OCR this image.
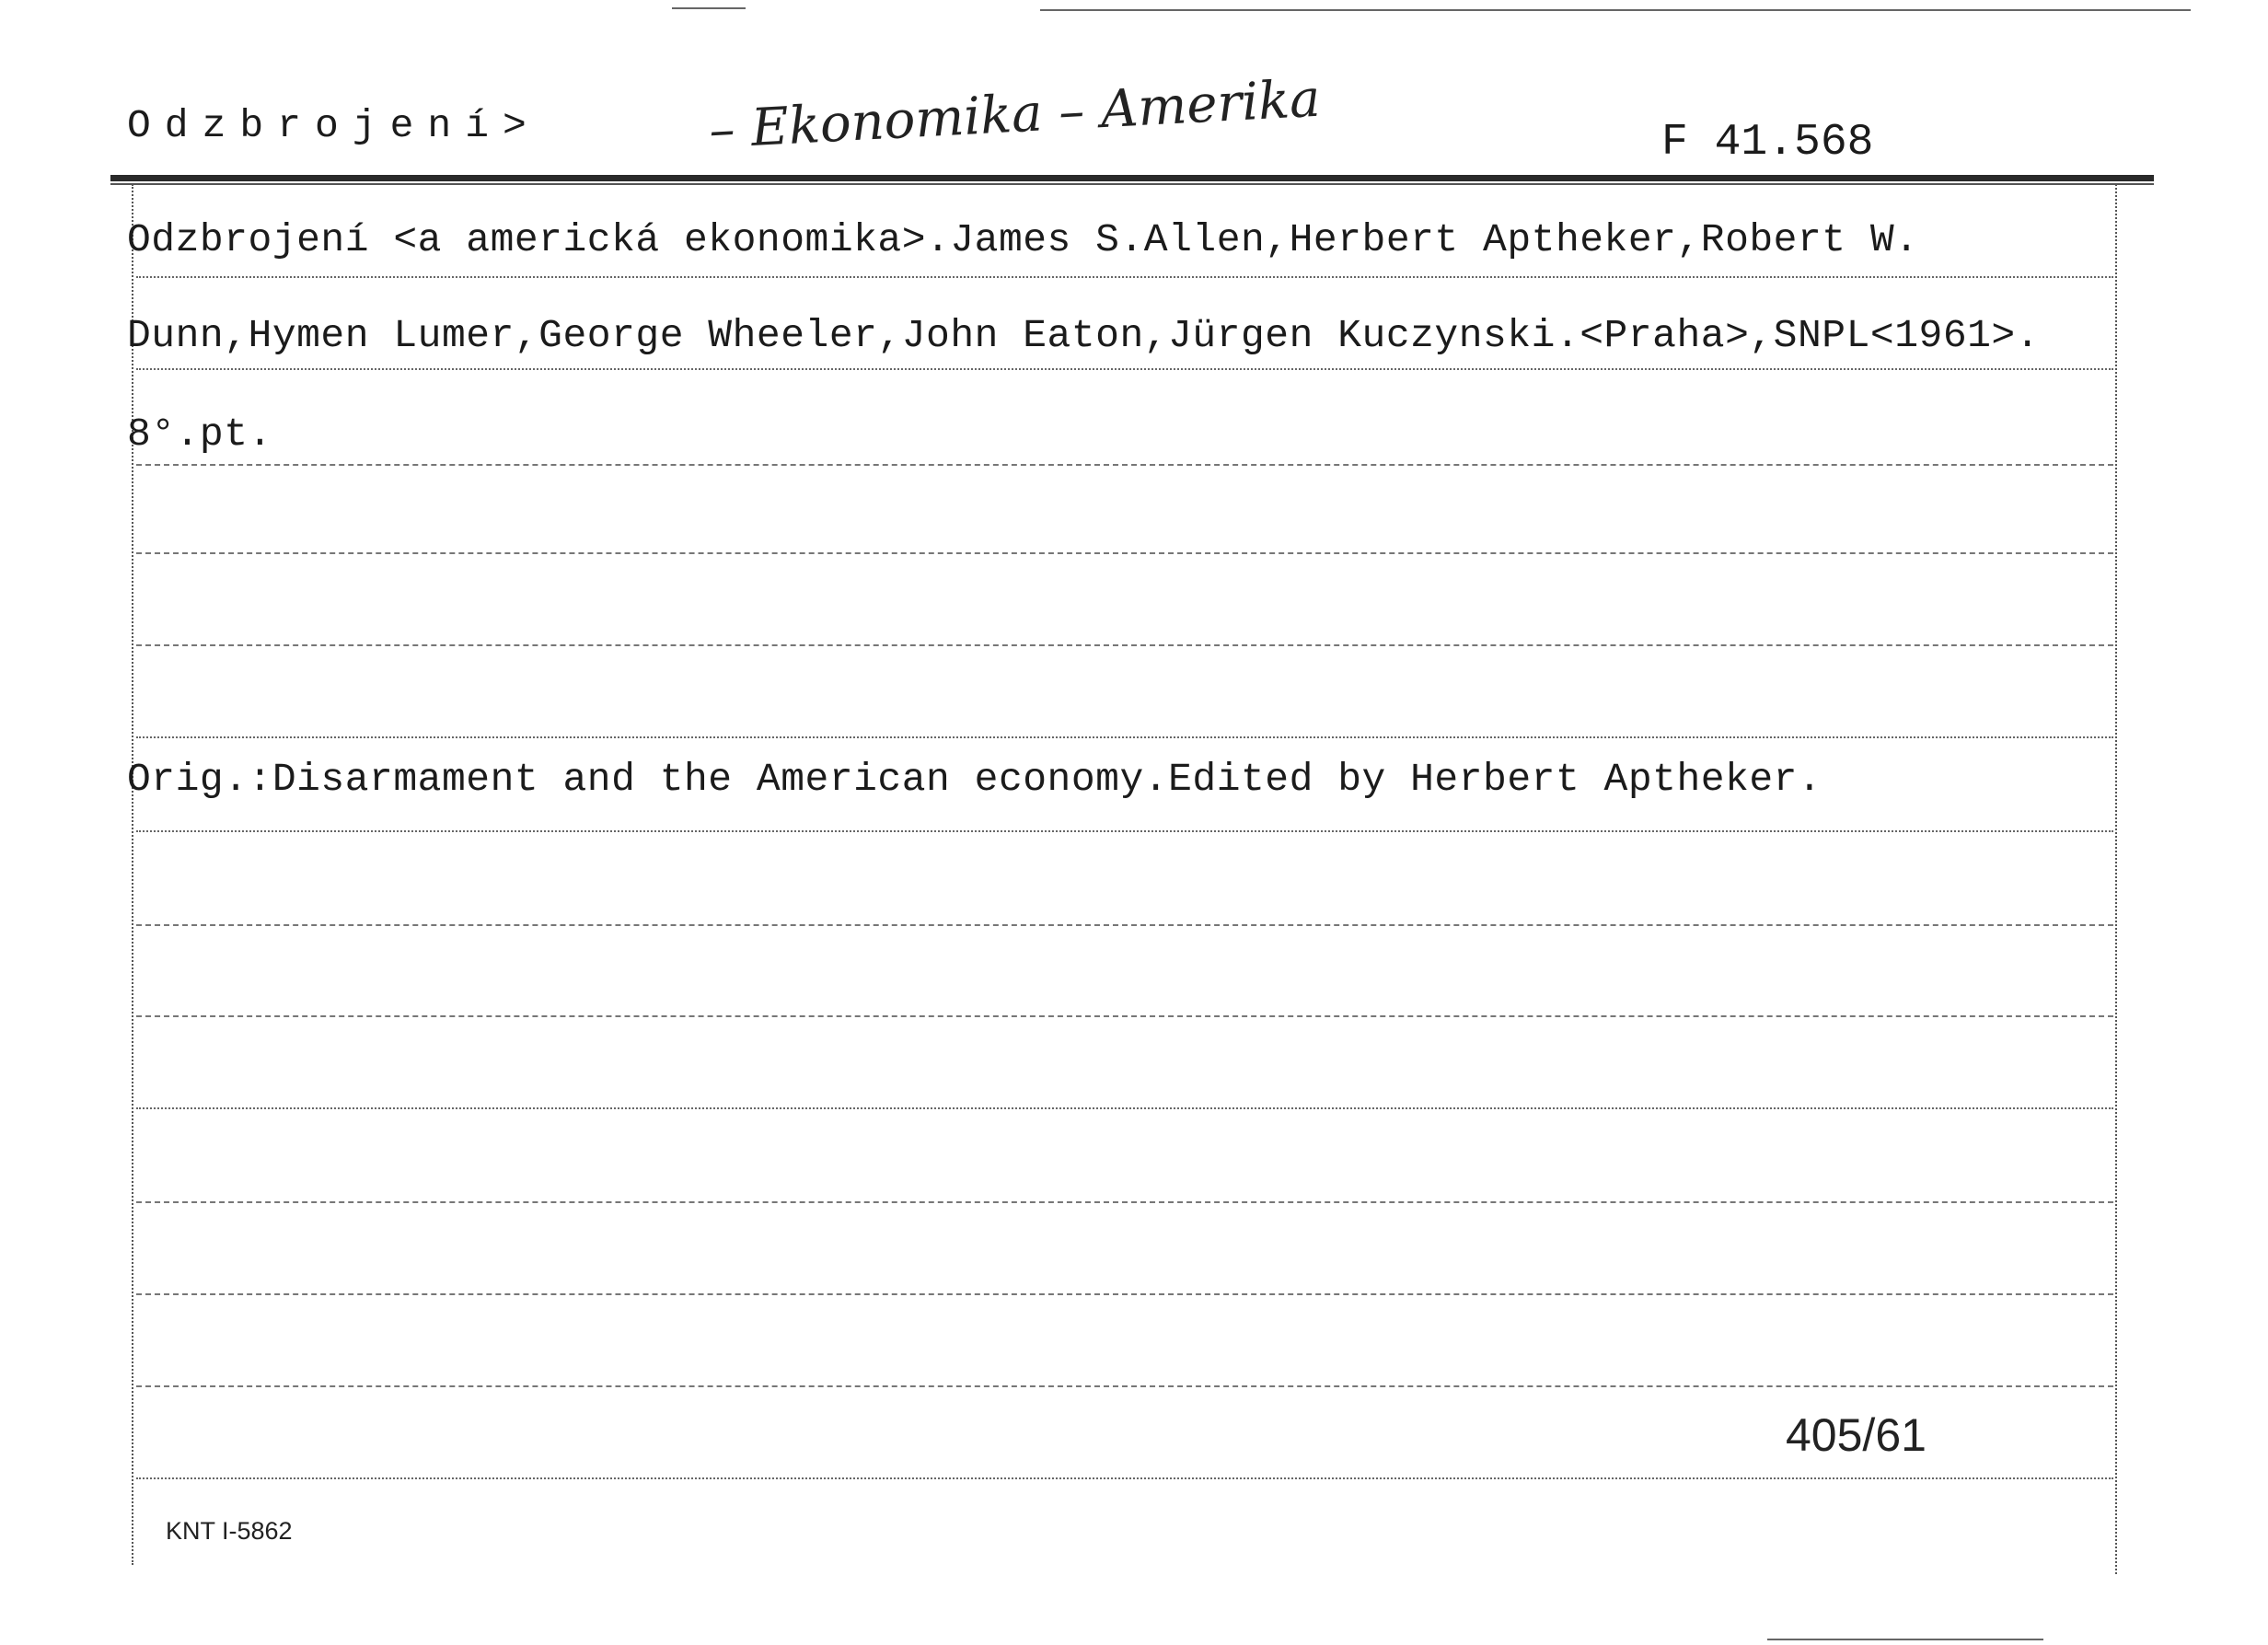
Odzbrojení>	– Ekonomika – Amerika	F 41.568
Odzbrojení <a americká ekonomika>.James S.Allen,Herbert Aptheker,Robert W.
Dunn,Hymen Lumer,George Wheeler,John Eaton,Jürgen Kuczynski.<Praha>,SNPL<1961>.
8°.pt.
Orig.:Disarmament and the American economy.Edited by Herbert Aptheker.
405/61
KNT I-5862
